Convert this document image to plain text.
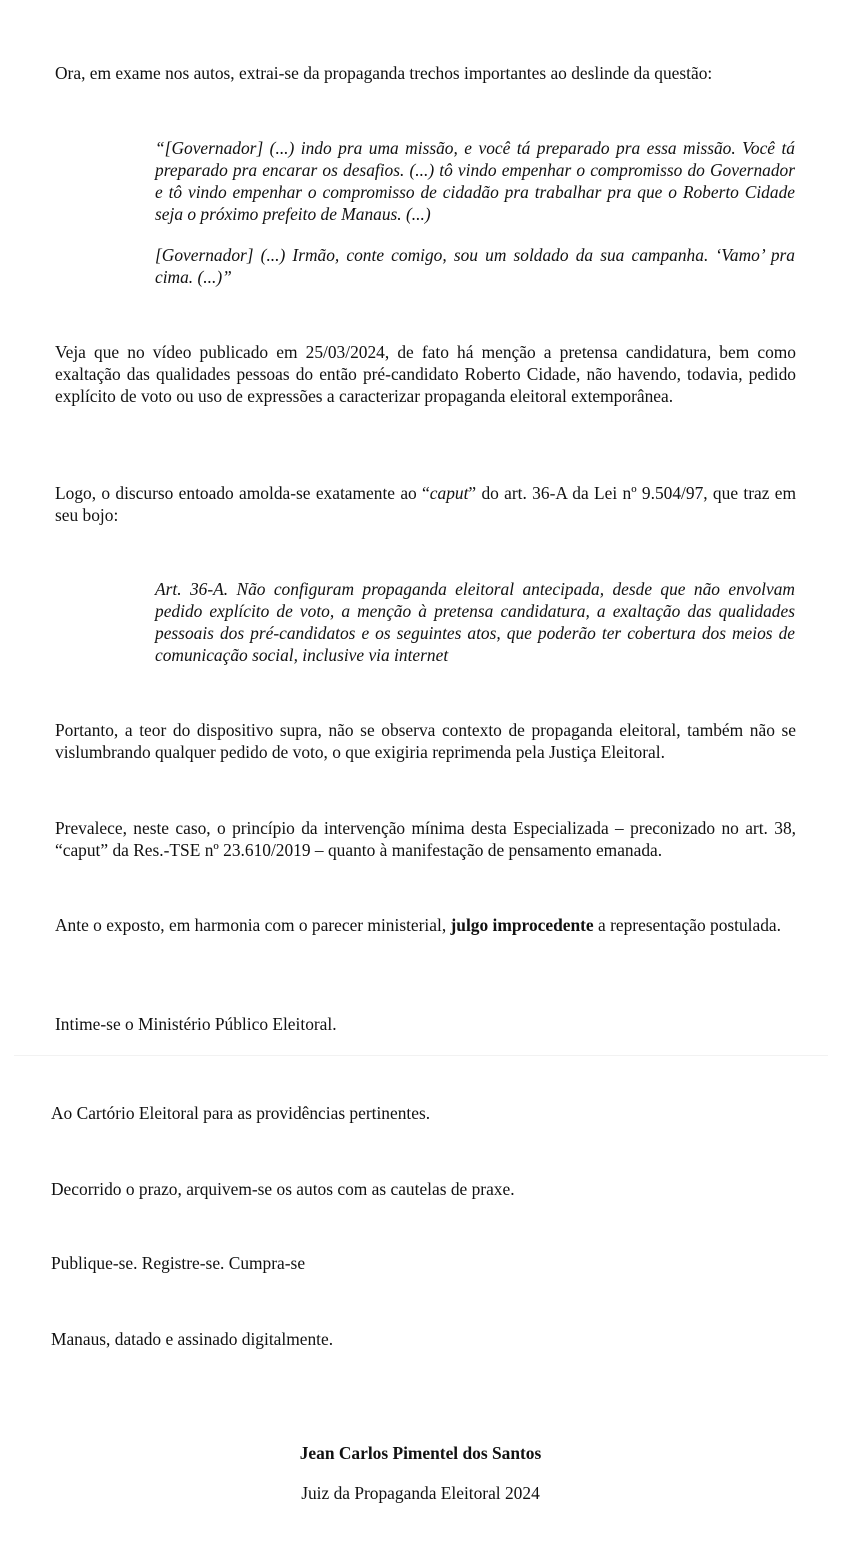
Ora, em exame nos autos, extrai-se da propaganda trechos importantes ao deslinde da questão:

“[Governador] (...) indo pra uma missão, e você tá preparado pra essa missão. Você tá preparado pra encarar os desafios. (...) tô vindo empenhar o compromisso do Governador e tô vindo empenhar o compromisso de cidadão pra trabalhar pra que o Roberto Cidade seja o próximo prefeito de Manaus. (...)

[Governador] (...) Irmão, conte comigo, sou um soldado da sua campanha. ‘Vamo’ pra cima. (...)”

Veja que no vídeo publicado em 25/03/2024, de fato há menção a pretensa candidatura, bem como exaltação das qualidades pessoas do então pré-candidato Roberto Cidade, não havendo, todavia, pedido explícito de voto ou uso de expressões a caracterizar propaganda eleitoral extemporânea.

Logo, o discurso entoado amolda-se exatamente ao “caput” do art. 36-A da Lei nº 9.504/97, que traz em seu bojo:

Art. 36-A. Não configuram propaganda eleitoral antecipada, desde que não envolvam pedido explícito de voto, a menção à pretensa candidatura, a exaltação das qualidades pessoais dos pré-candidatos e os seguintes atos, que poderão ter cobertura dos meios de comunicação social, inclusive via internet

Portanto, a teor do dispositivo supra, não se observa contexto de propaganda eleitoral, também não se vislumbrando qualquer pedido de voto, o que exigiria reprimenda pela Justiça Eleitoral.

Prevalece, neste caso, o princípio da intervenção mínima desta Especializada – preconizado no art. 38, “caput” da Res.-TSE nº 23.610/2019 – quanto à manifestação de pensamento emanada.

Ante o exposto, em harmonia com o parecer ministerial, julgo improcedente a representação postulada.

Intime-se o Ministério Público Eleitoral.

Ao Cartório Eleitoral para as providências pertinentes.

Decorrido o prazo, arquivem-se os autos com as cautelas de praxe.

Publique-se. Registre-se. Cumpra-se

Manaus, datado e assinado digitalmente.

Jean Carlos Pimentel dos Santos

Juiz da Propaganda Eleitoral 2024
